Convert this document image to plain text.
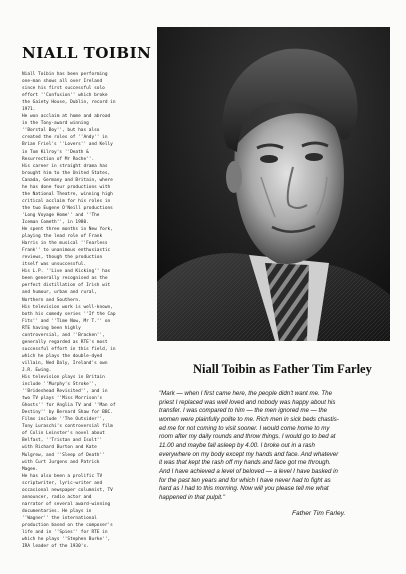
NIALL TOIBIN

Niall Toibin has been performing
one-man shows all over Ireland
since his first successful solo
effort ''Confusion'' which broke
the Gaiety House, Dublin, record in
1971.
He won acclaim at home and abroad
in the Tony-award winning
''Borstal Boy'', but has also
created the roles of ''Andy'' in
Brian Friel's ''Lovers'' and Kelly
in Tom Kilroy's ''Death &
Resurrection of Mr Roche''.
His career in straight drama has
brought him to the United States,
Canada, Germany and Britain, where
he has done four productions with
the National Theatre, winning high
critical acclaim for his roles in
the two Eugene O'Neill productions
'Long Voyage Home'' and ''The
Iceman Cometh'', in 1980.
He spent three months in New York,
playing the lead role of Frank
Harris in the musical ''Fearless
Frank'' to unanimous enthusiastic
reviews, though the production
itself was unsuccessful.
His L.P. ''Live and Kicking'' has
been generally recognised as the
perfect distillation of Irish wit
and humour, urban and rural,
Northern and Southern.
His television work is well-known,
both his comedy series ''If the Cap
Fits'' and ''Time Now, Mr T.'' on
RTE having been highly
controversial, and ''Bracken'',
generally regarded as RTE's most
successful effort in this field, in
which he plays the double-dyed
villain, Ned Daly, Ireland's own
J.R. Ewing.
His television plays in Britain
include ''Murphy's Stroke'',
''Brideshead Revisited'', and in
two TV plays ''Miss Morrison's
Ghosts'' for Anglia TV and ''Man of
Destiny'' by Bernard Shaw for BBC.
Films include ''The Outsider'',
Tony Luraschi's controversial film
of Colin Leinster's novel about
Belfast, ''Tristan and Isolt''
with Richard Burton and Kate
Mulgrew, and ''Sleep of Death''
with Curt Jurgens and Patrick
Magee.
He has also been a prolific TV
scriptwriter, lyric-writer and
occasional newspaper columnist, TV
announcer, radio actor and
narrator of several award-winning
documentaries. He plays in
''Wagner'' the international
production based on the composer's
life and in ''Spies'' for RTE in
which he plays ''Stephen Burke'',
IRA leader of the 1930's.

Niall Toibin as Father Tim Farley

"Mark — when I first came here, the people didn't want me. The
priest I replaced was well loved and nobody was happy about his
transfer. I was compared to him — the men ignored me — the
women were plainfully polite to me. Rich men in sick beds chastis-
ed me for not coming to visit sooner. I would come home to my
room after my daily rounds and throw things. I would go to bed at
11.00 and maybe fall asleep by 4.00. I broke out in a rash
everywhere on my body except my hands and face. And whatever
it was that kept the rash off my hands and face got me through.
And I have achieved a level of beloved — a level I have basked in
for the past ten years and for which I have never had to fight as
hard as I had to this morning. Now will you please tell me what
happened in that pulpit."

Father Tim Farley.
